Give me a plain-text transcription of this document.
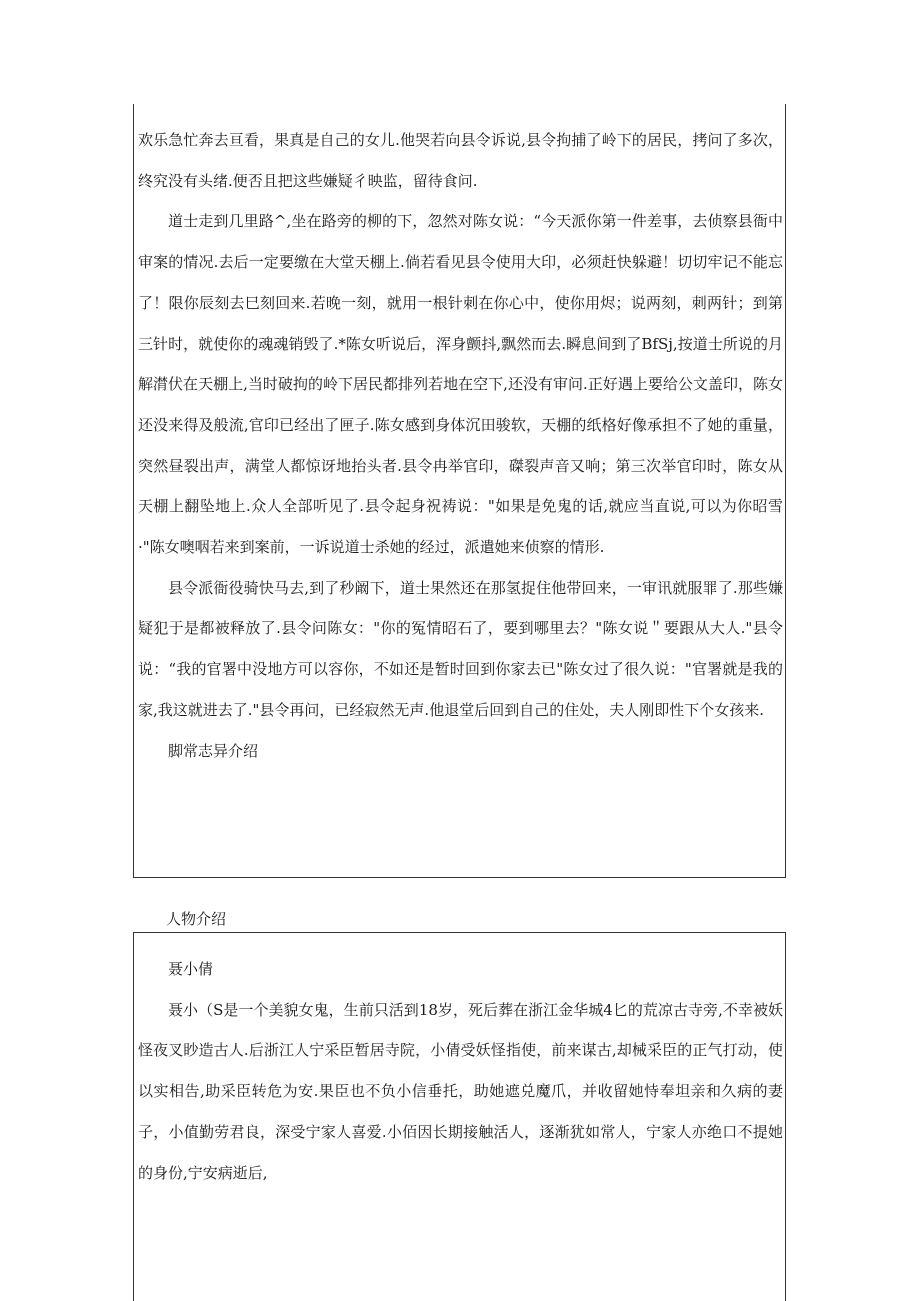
欢乐急忙奔去亘看，果真是自己的女儿.他哭若向县令诉说,县令拘捕了岭下的居民，拷问了多次，终究没有头绪.便否且把这些嫌疑彳映监，留待食问.

道士走到几里路^,坐在路旁的柳的下，忽然对陈女说：“今天派你第一件差事，去侦察县衙中审案的情况.去后一定要缴在大堂天棚上.倘若看见县令使用大印，必须赶快躲避！切切牢记不能忘了！限你辰刻去巳刻回来.若晚一刻，就用一根针刺在你心中，使你用烬；说两刻，刺两针；到第三针时，就使你的魂魂销毁了.*陈女听说后，浑身颤抖,飘然而去.瞬息间到了BfSj,按道士所说的月解潸伏在天棚上,当时破拘的岭下居民都排列若地在空下,还没有审问.正好遇上要给公文盖印，陈女还没来得及般流,官印已经出了匣子.陈女感到身体沉田骏软，天棚的纸格好像承担不了她的重量，突然昼裂出声，满堂人都惊讶地抬头者.县令冉举官印，磔裂声音又响；第三次举官印时，陈女从天棚上翻坠地上.众人全部听见了.县令起身祝祷说："如果是免鬼的话,就应当直说,可以为你昭雪·"陈女噢咽若来到案前，一诉说道士杀她的经过，派遣她来侦察的情形.

县令派衙役骑快马去,到了秒阚下，道士果然还在那氢捉住他带回来，一审讯就服罪了.那些嫌疑犯于是都被释放了.县令问陈女："你的冤情昭石了，要到哪里去？"陈女说＂要跟从大人."县令说：“我的官署中没地方可以容你，不如还是暂时回到你家去已"陈女过了很久说："官署就是我的家,我这就进去了."县令再问，已经寂然无声.他退堂后回到自己的住处，夫人刚即性下个女孩来.

脚常志异介绍

人物介绍

聂小倩

聂小（S是一个美貌女鬼，生前只活到18岁，死后葬在浙江金华城4匕的荒凉古寺旁,不幸被妖怪夜叉眇造古人.后浙江人宁采臣暂居寺院，小倩受妖怪指使，前来谋古,却械采臣的正气打动，使以实相告,助采臣转危为安.果臣也不负小信垂托，助她遮兑魔爪，并收留她恃奉坦亲和久病的妻子，小值勤劳君良，深受宁家人喜爱.小佰因长期接触活人，逐渐犹如常人，宁家人亦绝口不提她的身份,宁安病逝后,
